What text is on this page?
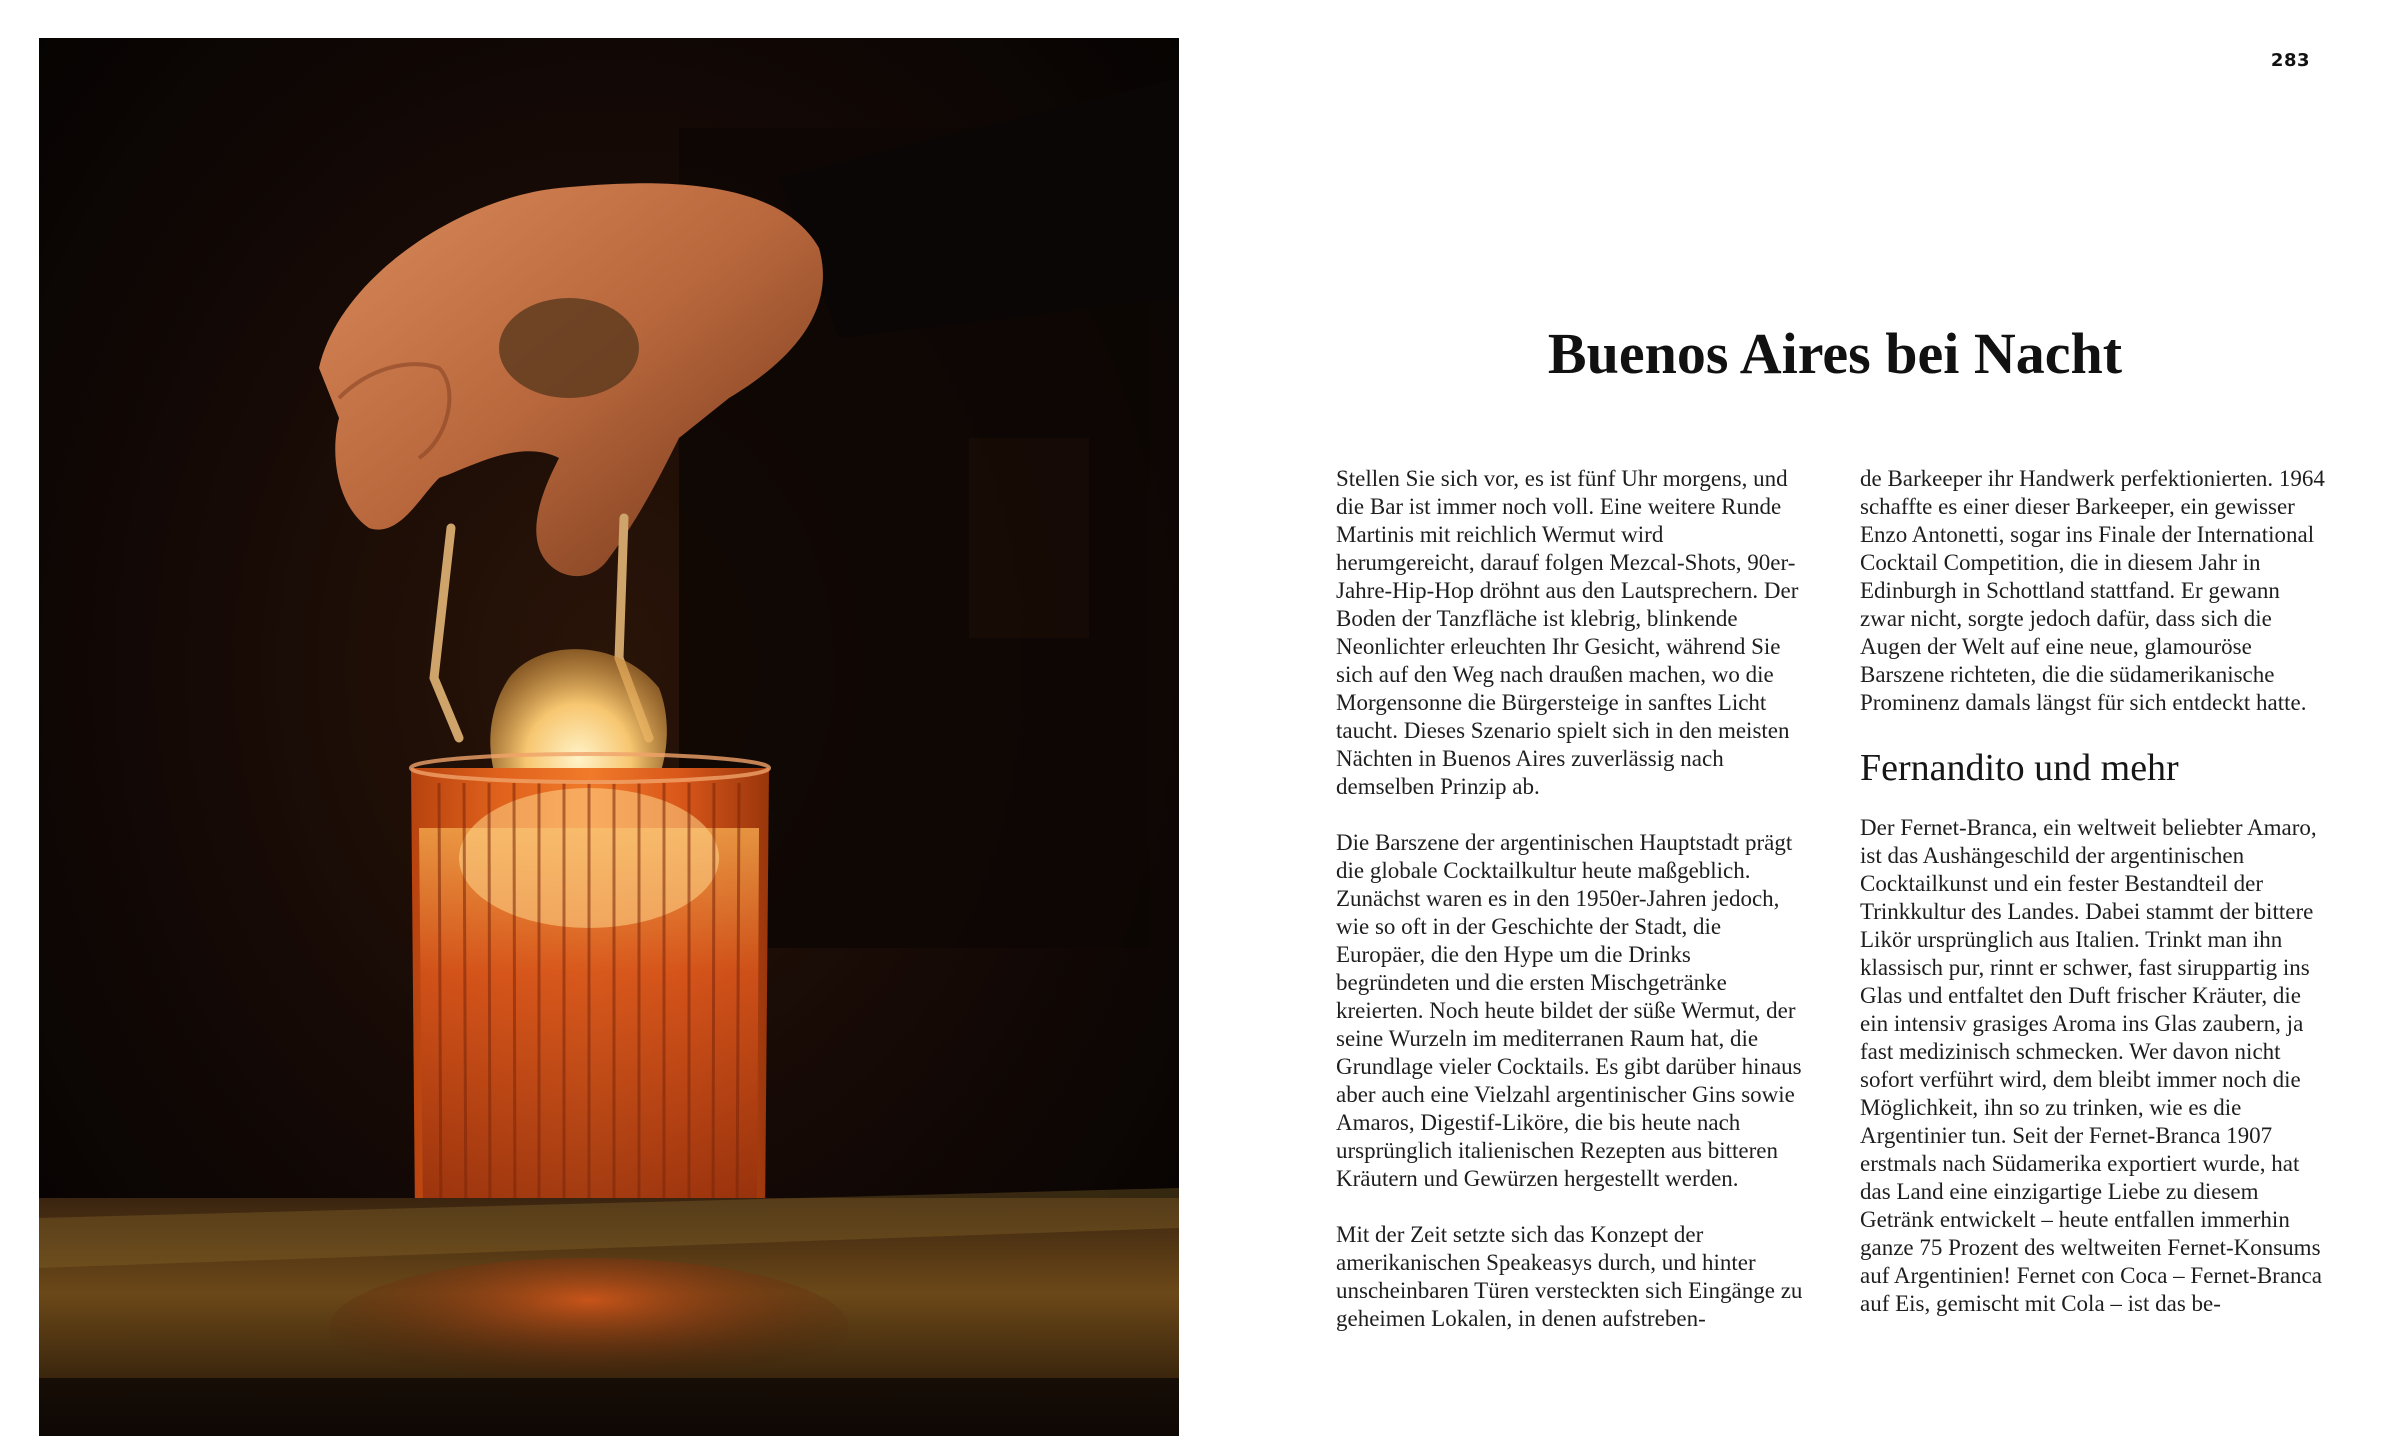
283
Buenos Aires bei Nacht

Stellen Sie sich vor, es ist fünf Uhr morgens, und die Bar ist immer noch voll. Eine weitere Runde Martinis mit reichlich Wermut wird herumgereicht, darauf folgen Mezcal-Shots, 90er-Jahre-Hip-Hop dröhnt aus den Lautsprechern. Der Boden der Tanzfläche ist klebrig, blinkende Neonlichter erleuchten Ihr Gesicht, während Sie sich auf den Weg nach draußen machen, wo die Morgensonne die Bürgersteige in sanftes Licht taucht. Dieses Szenario spielt sich in den meisten Nächten in Buenos Aires zuverlässig nach demselben Prinzip ab.

Die Barszene der argentinischen Hauptstadt prägt die globale Cocktailkultur heute maßgeblich. Zunächst waren es in den 1950er-Jahren jedoch, wie so oft in der Geschichte der Stadt, die Europäer, die den Hype um die Drinks begründeten und die ersten Mischgetränke kreierten. Noch heute bildet der süße Wermut, der seine Wurzeln im mediterranen Raum hat, die Grundlage vieler Cocktails. Es gibt darüber hinaus aber auch eine Vielzahl argentinischer Gins sowie Amaros, Digestif-Liköre, die bis heute nach ursprünglich italienischen Rezepten aus bitteren Kräutern und Gewürzen hergestellt werden.

Mit der Zeit setzte sich das Konzept der amerikanischen Speakeasys durch, und hinter unscheinbaren Türen versteckten sich Eingänge zu geheimen Lokalen, in denen aufstreben-

de Barkeeper ihr Handwerk perfektionierten. 1964 schaffte es einer dieser Barkeeper, ein gewisser Enzo Antonetti, sogar ins Finale der International Cocktail Competition, die in diesem Jahr in Edinburgh in Schottland stattfand. Er gewann zwar nicht, sorgte jedoch dafür, dass sich die Augen der Welt auf eine neue, glamouröse Barszene richteten, die die südamerikanische Prominenz damals längst für sich entdeckt hatte.

Fernandito und mehr

Der Fernet-Branca, ein weltweit beliebter Amaro, ist das Aushängeschild der argentinischen Cocktailkunst und ein fester Bestandteil der Trinkkultur des Landes. Dabei stammt der bittere Likör ursprünglich aus Italien. Trinkt man ihn klassisch pur, rinnt er schwer, fast siruppartig ins Glas und entfaltet den Duft frischer Kräuter, die ein intensiv grasiges Aroma ins Glas zaubern, ja fast medizinisch schmecken. Wer davon nicht sofort verführt wird, dem bleibt immer noch die Möglichkeit, ihn so zu trinken, wie es die Argentinier tun. Seit der Fernet-Branca 1907 erstmals nach Südamerika exportiert wurde, hat das Land eine einzigartige Liebe zu diesem Getränk entwickelt – heute entfallen immerhin ganze 75 Prozent des weltweiten Fernet-Konsums auf Argentinien! Fernet con Coca – Fernet-Branca auf Eis, gemischt mit Cola – ist das be-
